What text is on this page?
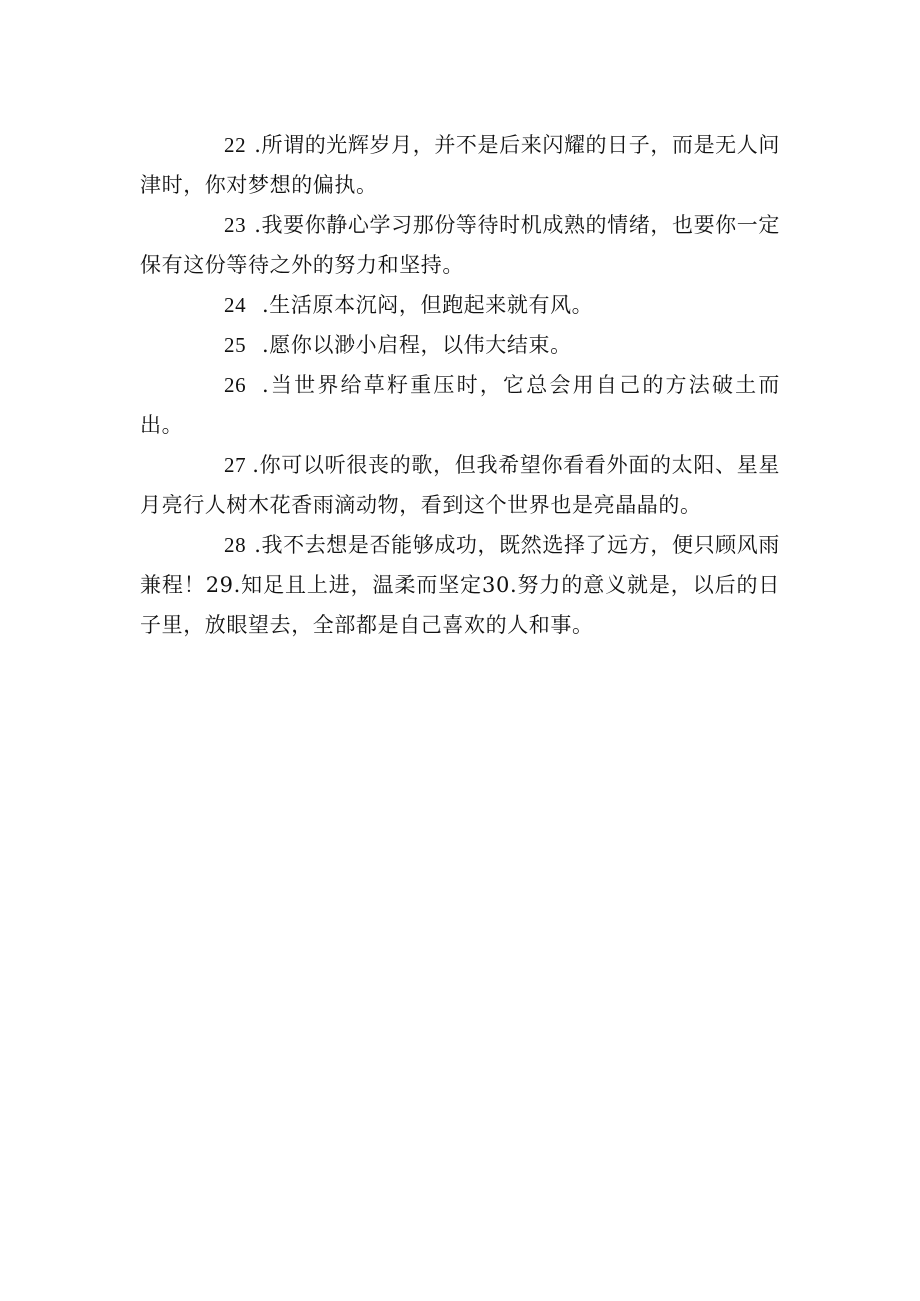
22 .所谓的光辉岁月，并不是后来闪耀的日子，而是无人问津时，你对梦想的偏执。

23 .我要你静心学习那份等待时机成熟的情绪，也要你一定保有这份等待之外的努力和坚持。

24 .生活原本沉闷，但跑起来就有风。

25 .愿你以渺小启程，以伟大结束。

26 .当世界给草籽重压时，它总会用自己的方法破土而出。

27 .你可以听很丧的歌，但我希望你看看外面的太阳、星星月亮行人树木花香雨滴动物，看到这个世界也是亮晶晶的。

28 .我不去想是否能够成功，既然选择了远方，便只顾风雨兼程！29.知足且上进，温柔而坚定30.努力的意义就是，以后的日子里，放眼望去，全部都是自己喜欢的人和事。
